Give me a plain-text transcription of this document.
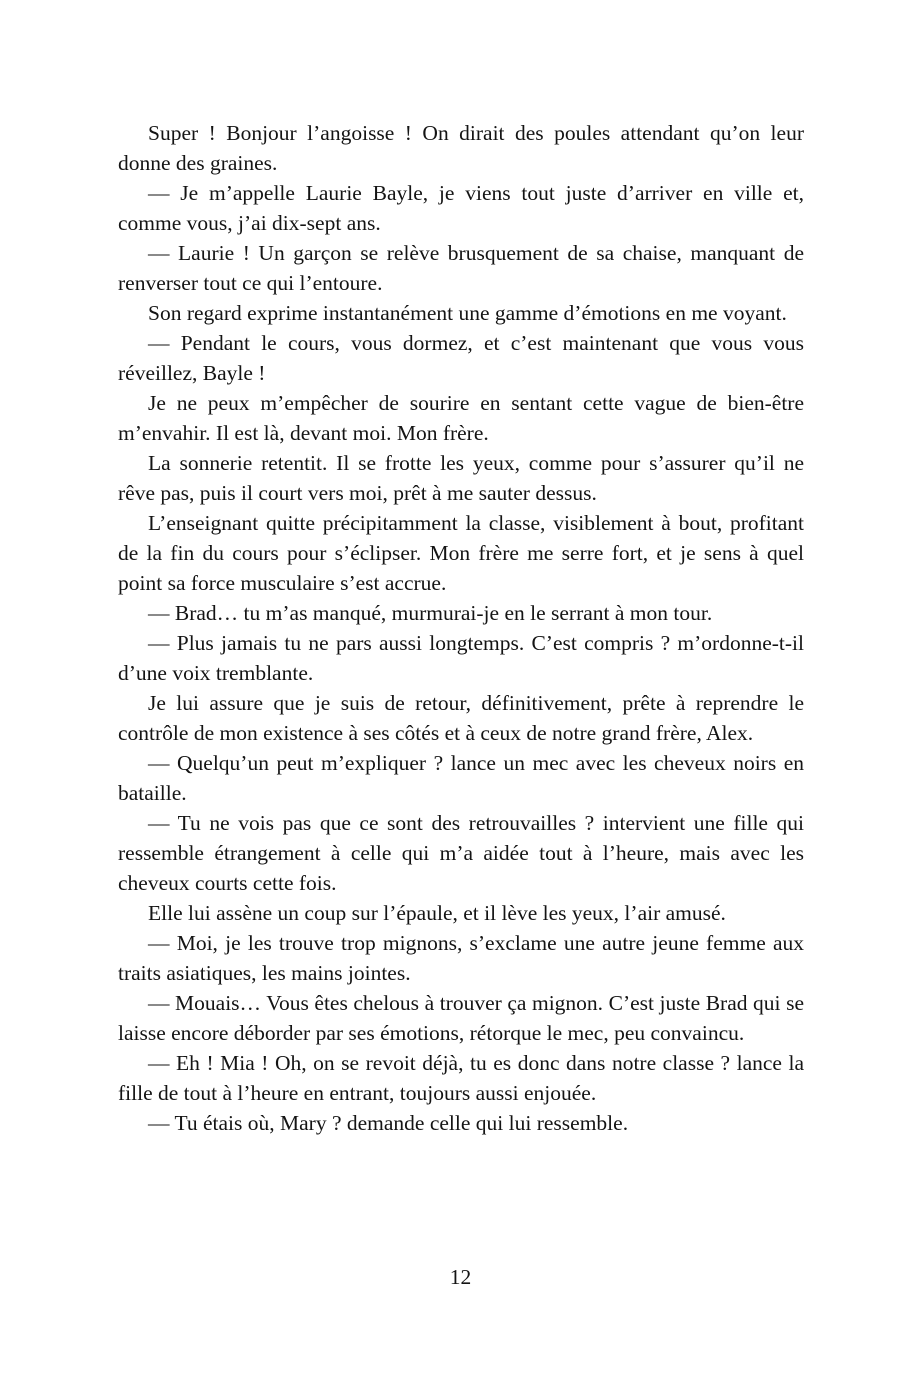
Super ! Bonjour l’angoisse ! On dirait des poules attendant qu’on leur donne des graines.

— Je m’appelle Laurie Bayle, je viens tout juste d’arriver en ville et, comme vous, j’ai dix-sept ans.

— Laurie ! Un garçon se relève brusquement de sa chaise, manquant de renverser tout ce qui l’entoure.

Son regard exprime instantanément une gamme d’émotions en me voyant.

— Pendant le cours, vous dormez, et c’est maintenant que vous vous réveillez, Bayle !

Je ne peux m’empêcher de sourire en sentant cette vague de bien-être m’envahir. Il est là, devant moi. Mon frère.

La sonnerie retentit. Il se frotte les yeux, comme pour s’assurer qu’il ne rêve pas, puis il court vers moi, prêt à me sauter dessus.

L’enseignant quitte précipitamment la classe, visiblement à bout, profitant de la fin du cours pour s’éclipser. Mon frère me serre fort, et je sens à quel point sa force musculaire s’est accrue.

— Brad… tu m’as manqué, murmurai-je en le serrant à mon tour.

— Plus jamais tu ne pars aussi longtemps. C’est compris ? m’ordonne-t-il d’une voix tremblante.

Je lui assure que je suis de retour, définitivement, prête à reprendre le contrôle de mon existence à ses côtés et à ceux de notre grand frère, Alex.

— Quelqu’un peut m’expliquer ? lance un mec avec les cheveux noirs en bataille.

— Tu ne vois pas que ce sont des retrouvailles ? intervient une fille qui ressemble étrangement à celle qui m’a aidée tout à l’heure, mais avec les cheveux courts cette fois.

Elle lui assène un coup sur l’épaule, et il lève les yeux, l’air amusé.

— Moi, je les trouve trop mignons, s’exclame une autre jeune femme aux traits asiatiques, les mains jointes.

— Mouais… Vous êtes chelous à trouver ça mignon. C’est juste Brad qui se laisse encore déborder par ses émotions, rétorque le mec, peu convaincu.

— Eh ! Mia ! Oh, on se revoit déjà, tu es donc dans notre classe ? lance la fille de tout à l’heure en entrant, toujours aussi enjouée.

— Tu étais où, Mary ? demande celle qui lui ressemble.

12
